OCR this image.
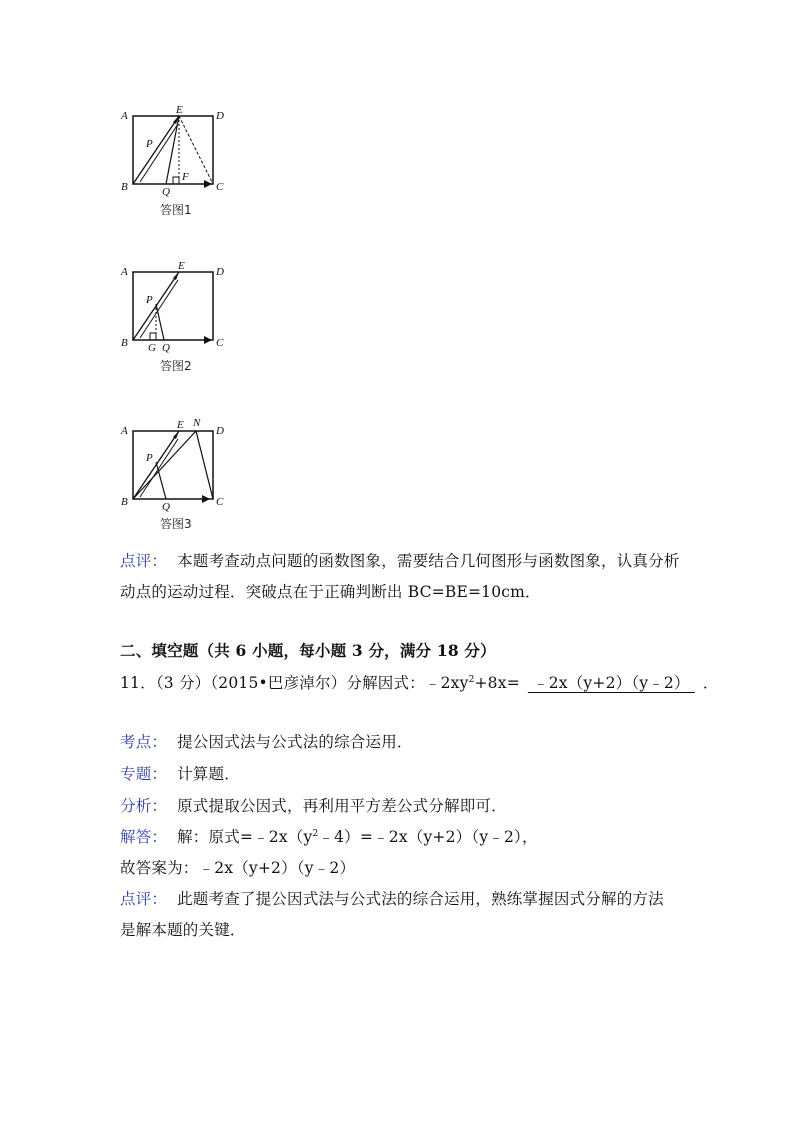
A	E	D
P
B	Q
F
C
答图1
A	E	D
P
B G Q	C
答图2
A	E N
D
P
B	Q	C
答图3
点评： 本题考查动点问题的函数图象，需要结合几何图形与函数图象，认真分析
动点的运动过程．突破点在于正确判断出 BC=BE=10cm．
二、填空题（共 6 小题，每小题 3 分，满分 18 分）
11．（3 分）（2015•巴彦淖尔）分解因式：$﹣2xy^2+8x=$ ﹣2x（y+2）（y﹣2） ．
考点： 提公因式法与公式法的综合运用．
专题： 计算题．
分析： 原式提取公因式，再利用平方差公式分解即可．
解答： 解：原式$=﹣2x(y^2﹣4)=﹣2x(y+2)(y﹣2)$，
故答案为：﹣2x（y+2）（y﹣2）
点评： 此题考查了提公因式法与公式法的综合运用，熟练掌握因式分解的方法
是解本题的关键．
